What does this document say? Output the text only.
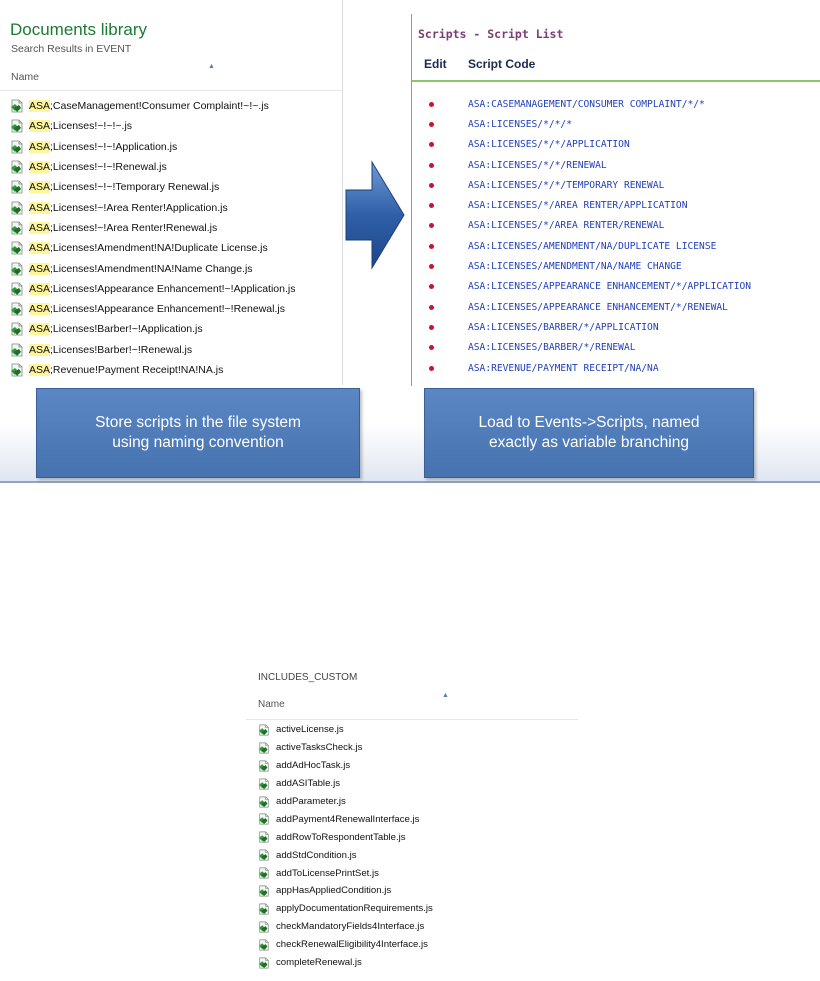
Documents library
Search Results in EVENT
▲
Name
ASA ;CaseManagement!Consumer Complaint!~!~.js
ASA ;Licenses!~!~!~.js
ASA ;Licenses!~!~!Application.js
ASA ;Licenses!~!~!Renewal.js
ASA ;Licenses!~!~!Temporary Renewal.js
ASA ;Licenses!~!Area Renter!Application.js
ASA ;Licenses!~!Area Renter!Renewal.js
ASA ;Licenses!Amendment!NA!Duplicate License.js
ASA ;Licenses!Amendment!NA!Name Change.js
ASA ;Licenses!Appearance Enhancement!~!Application.js
ASA ;Licenses!Appearance Enhancement!~!Renewal.js
ASA ;Licenses!Barber!~!Application.js
ASA ;Licenses!Barber!~!Renewal.js
ASA ;Revenue!Payment Receipt!NA!NA.js
Scripts - Script List
Edit Script Code
ASA:CASEMANAGEMENT/CONSUMER COMPLAINT/*/*
ASA:LICENSES/*/*/*
ASA:LICENSES/*/*/APPLICATION
ASA:LICENSES/*/*/RENEWAL
ASA:LICENSES/*/*/TEMPORARY RENEWAL
ASA:LICENSES/*/AREA RENTER/APPLICATION
ASA:LICENSES/*/AREA RENTER/RENEWAL
ASA:LICENSES/AMENDMENT/NA/DUPLICATE LICENSE
ASA:LICENSES/AMENDMENT/NA/NAME CHANGE
ASA:LICENSES/APPEARANCE ENHANCEMENT/*/APPLICATION
ASA:LICENSES/APPEARANCE ENHANCEMENT/*/RENEWAL
ASA:LICENSES/BARBER/*/APPLICATION
ASA:LICENSES/BARBER/*/RENEWAL
ASA:REVENUE/PAYMENT RECEIPT/NA/NA
Store scripts in the file system
using naming convention
Load to Events->Scripts, named
exactly as variable branching
INCLUDES_CUSTOM
▲
Name
activeLicense.js
activeTasksCheck.js
addAdHocTask.js
addASITable.js
addParameter.js
addPayment4RenewalInterface.js
addRowToRespondentTable.js
addStdCondition.js
addToLicensePrintSet.js
appHasAppliedCondition.js
applyDocumentationRequirements.js
checkMandatoryFields4Interface.js
checkRenewalEligibility4Interface.js
completeRenewal.js
